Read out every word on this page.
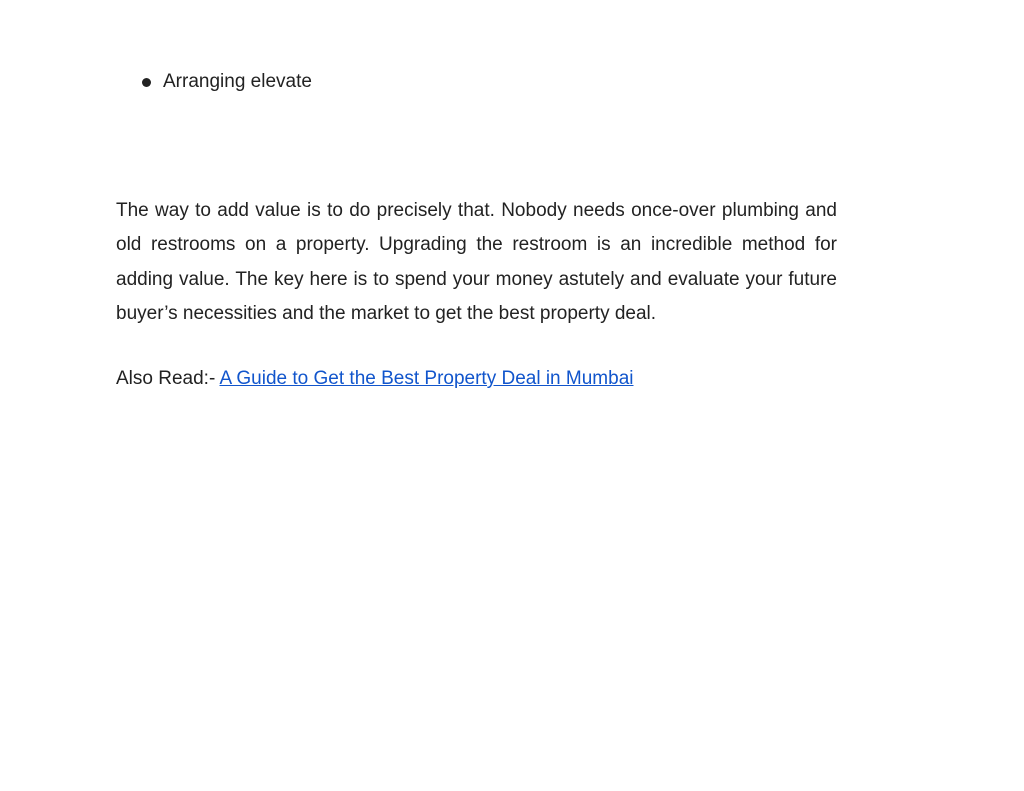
Arranging elevate

The way to add value is to do precisely that. Nobody needs once-over plumbing and old restrooms on a property. Upgrading the restroom is an incredible method for adding value. The key here is to spend your money astutely and evaluate your future buyer’s necessities and the market to get the best property deal.

Also Read:- A Guide to Get the Best Property Deal in Mumbai
